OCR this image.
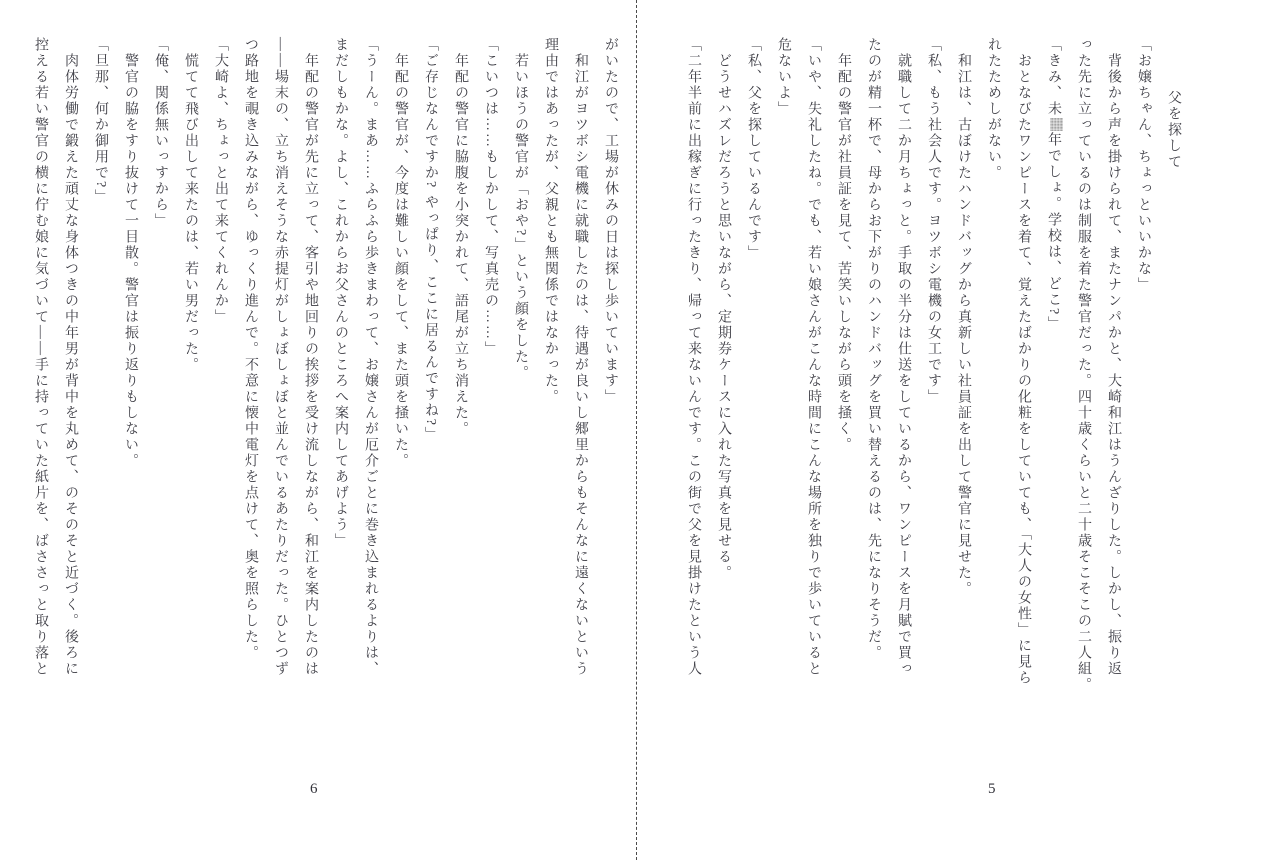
父を探して
「お嬢ちゃん、ちょっといいかな」
背後から声を掛けられて、またナンパかと、大崎和江はうんざりした。しかし、振り返
った先に立っているのは制服を着た警官だった。四十歳くらいと二十歳そこそこの二人組。
「きみ、未年でしょ。学校は、どこ?」
おとなびたワンピースを着て、覚えたばかりの化粧をしていても、「大人の女性」に見ら
れたためしがない。
和江は、古ぼけたハンドバッグから真新しい社員証を出して警官に見せた。
「私、もう社会人です。ヨツボシ電機の女工です」
就職して二か月ちょっと。手取の半分は仕送をしているから、ワンピースを月賦で買っ
たのが精一杯で、母からお下がりのハンドバッグを買い替えるのは、先になりそうだ。
年配の警官が社員証を見て、苦笑いしながら頭を掻く。
「いや、失礼したね。でも、若い娘さんがこんな時間にこんな場所を独りで歩いていると
危ないよ」
「私、父を探しているんです」
どうせハズレだろうと思いながら、定期券ケースに入れた写真を見せる。
「二年半前に出稼ぎに行ったきり、帰って来ないんです。この街で父を見掛けたという人
5
がいたので、工場が休みの日は探し歩いています」
和江がヨツボシ電機に就職したのは、待遇が良いし郷里からもそんなに遠くないという
理由ではあったが、父親とも無関係ではなかった。
若いほうの警官が「おや?」という顔をした。
「こいつは……もしかして、写真売の……」
年配の警官に脇腹を小突かれて、語尾が立ち消えた。
「ご存じなんですか? やっぱり、ここに居るんですね?」
年配の警官が、今度は難しい顔をして、また頭を掻いた。
「うーん。まあ……ふらふら歩きまわって、お嬢さんが厄介ごとに巻き込まれるよりは、
まだしもかな。よし、これからお父さんのところへ案内してあげよう」
年配の警官が先に立って、客引や地回りの挨拶を受け流しながら、和江を案内したのは
――場末の、立ち消えそうな赤提灯がしょぼしょぼと並んでいるあたりだった。ひとつず
つ路地を覗き込みながら、ゆっくり進んで。不意に懐中電灯を点けて、奥を照らした。
「大崎よ、ちょっと出て来てくれんか」
慌てて飛び出して来たのは、若い男だった。
「俺、関係無いっすから」
警官の脇をすり抜けて一目散。警官は振り返りもしない。
「旦那、何か御用で?」
肉体労働で鍛えた頑丈な身体つきの中年男が背中を丸めて、のそのそと近づく。後ろに
控える若い警官の横に佇む娘に気づいて――手に持っていた紙片を、ばささっと取り落と
6
